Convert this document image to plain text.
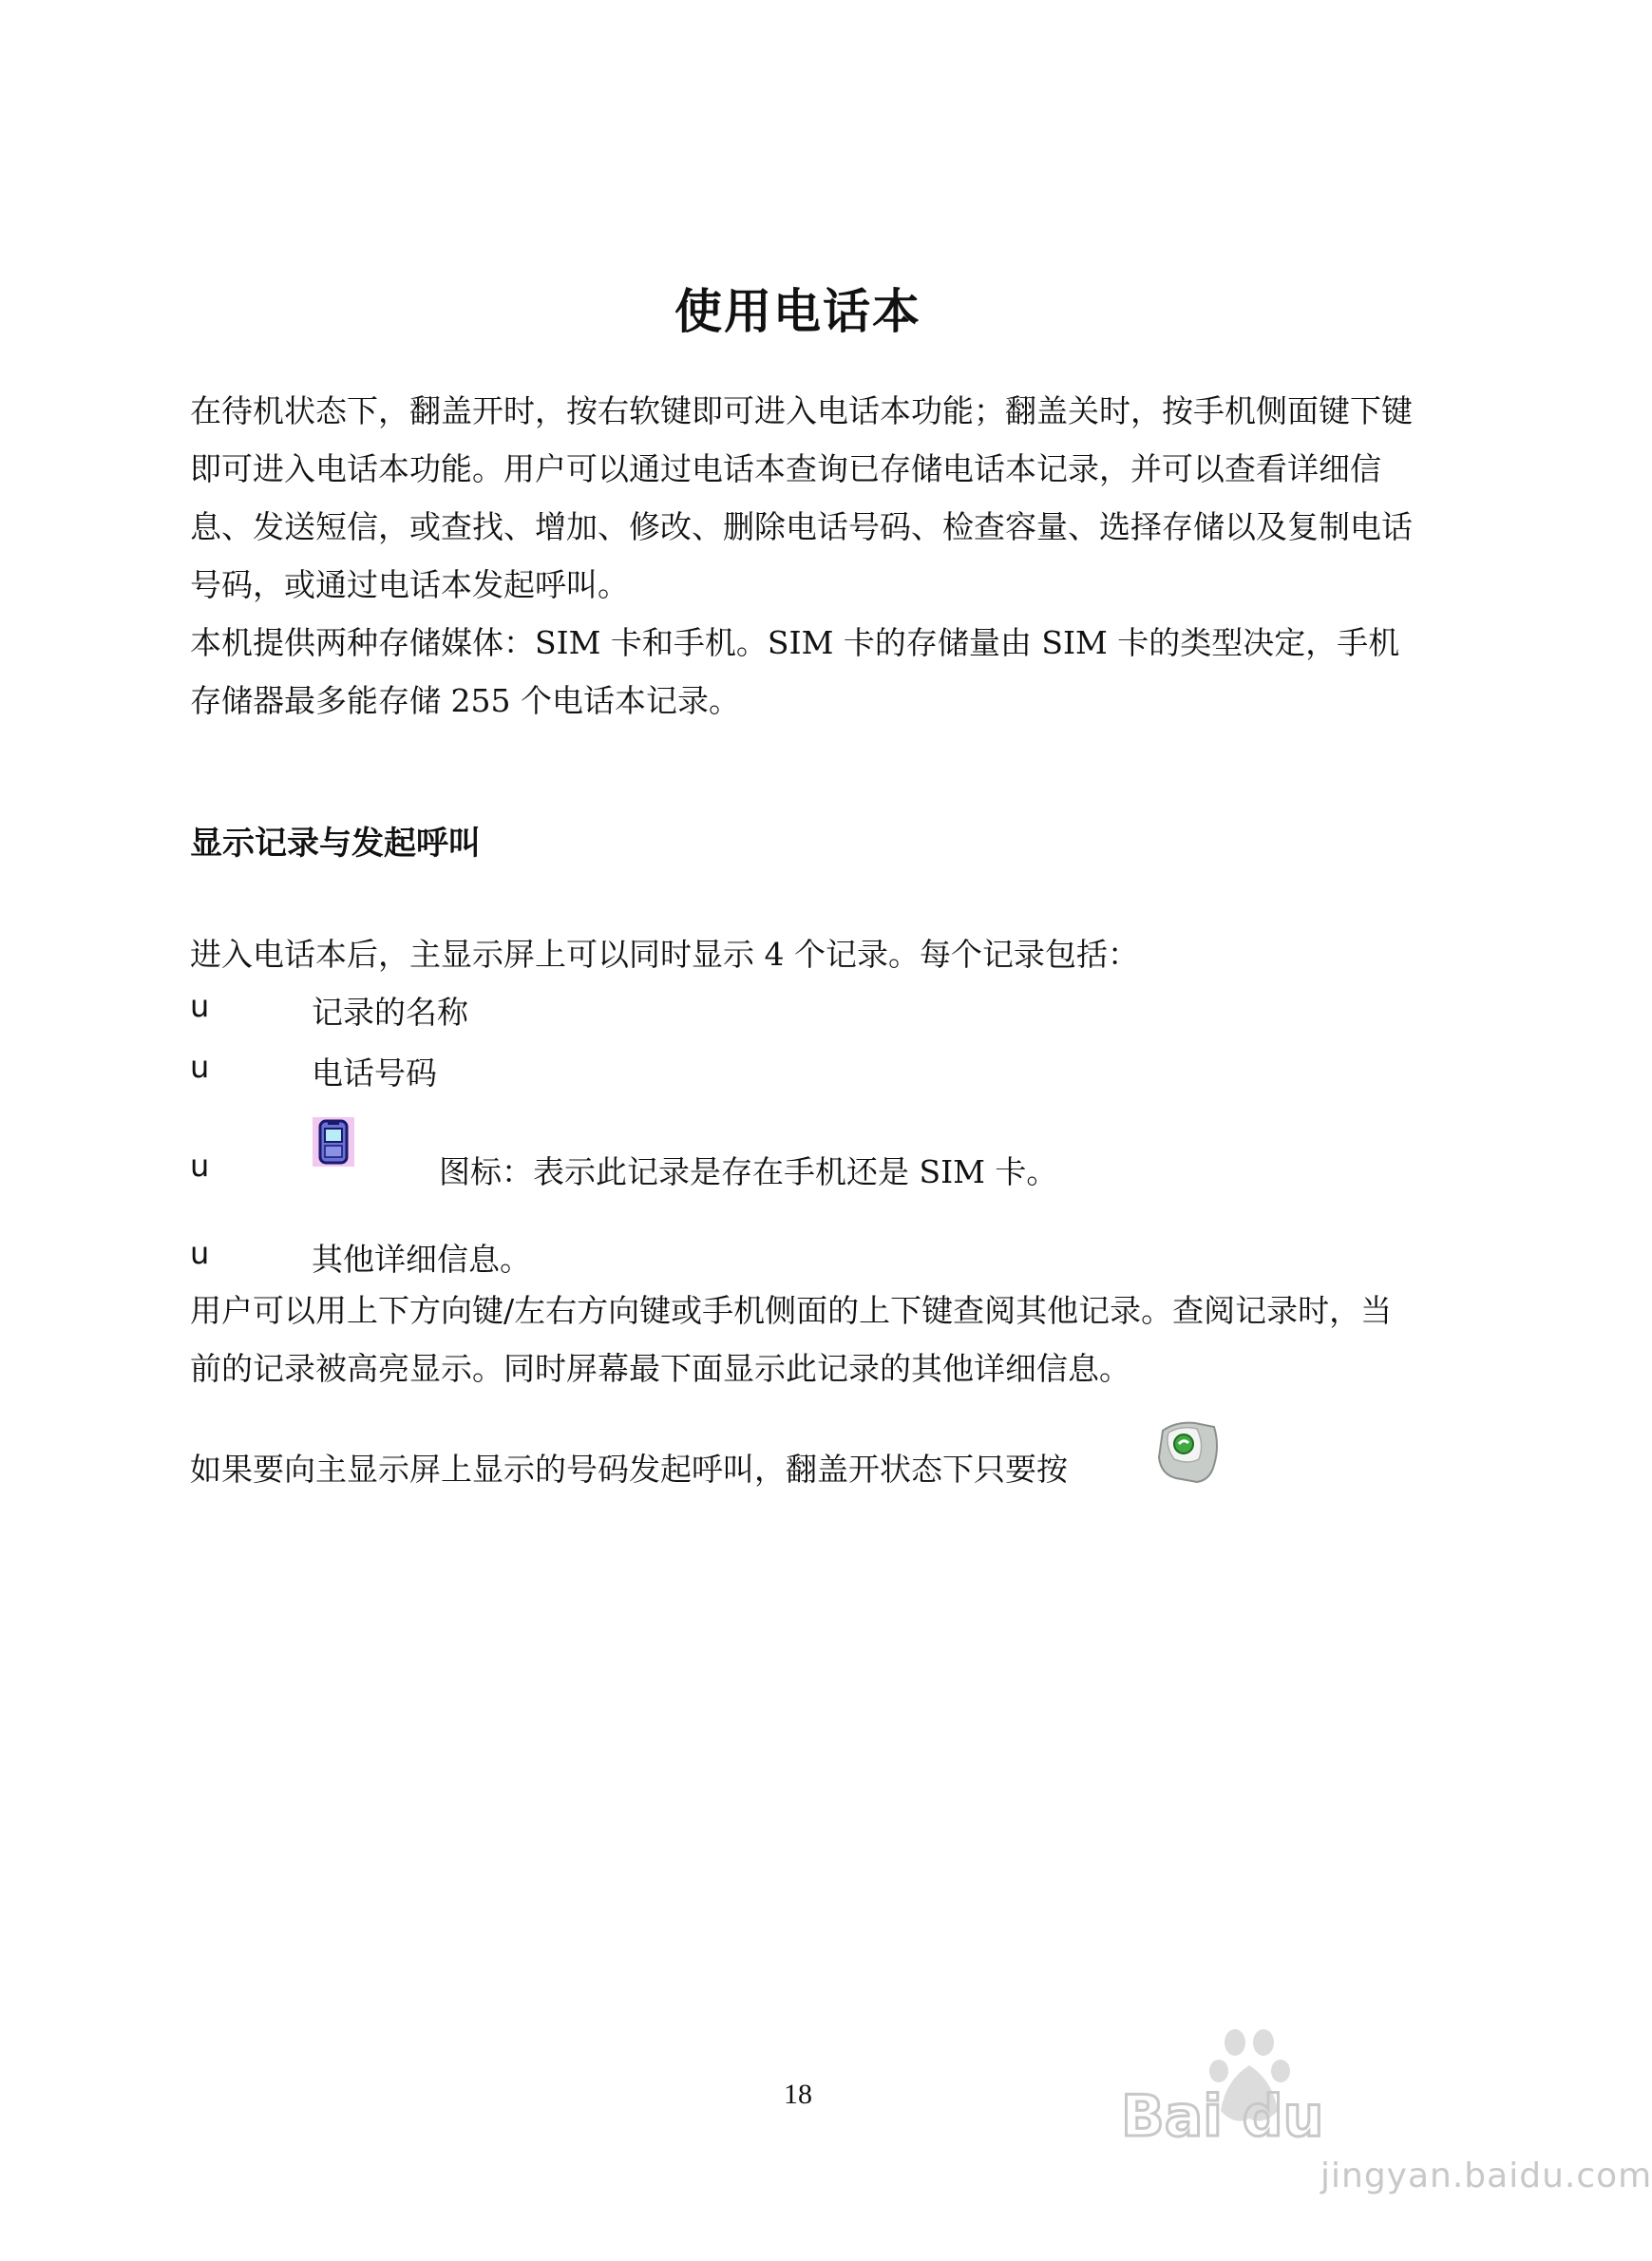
使用电话本

在待机状态下，翻盖开时，按右软键即可进入电话本功能；翻盖关时，按手机侧面键下键即可进入电话本功能。用户可以通过电话本查询已存储电话本记录，并可以查看详细信息、发送短信，或查找、增加、修改、删除电话号码、检查容量、选择存储以及复制电话号码，或通过电话本发起呼叫。

本机提供两种存储媒体：SIM 卡和手机。SIM 卡的存储量由 SIM 卡的类型决定，手机存储器最多能存储 255 个电话本记录。

显示记录与发起呼叫

进入电话本后，主显示屏上可以同时显示 4 个记录。每个记录包括：

u	记录的名称
u	电话号码
u	图标：表示此记录是存在手机还是 SIM 卡。
u	其他详细信息。

用户可以用上下方向键/左右方向键或手机侧面的上下键查阅其他记录。查阅记录时，当前的记录被高亮显示。同时屏幕最下面显示此记录的其他详细信息。

如果要向主显示屏上显示的号码发起呼叫，翻盖开状态下只要按
18	Bai du
jingyan.baidu.com
